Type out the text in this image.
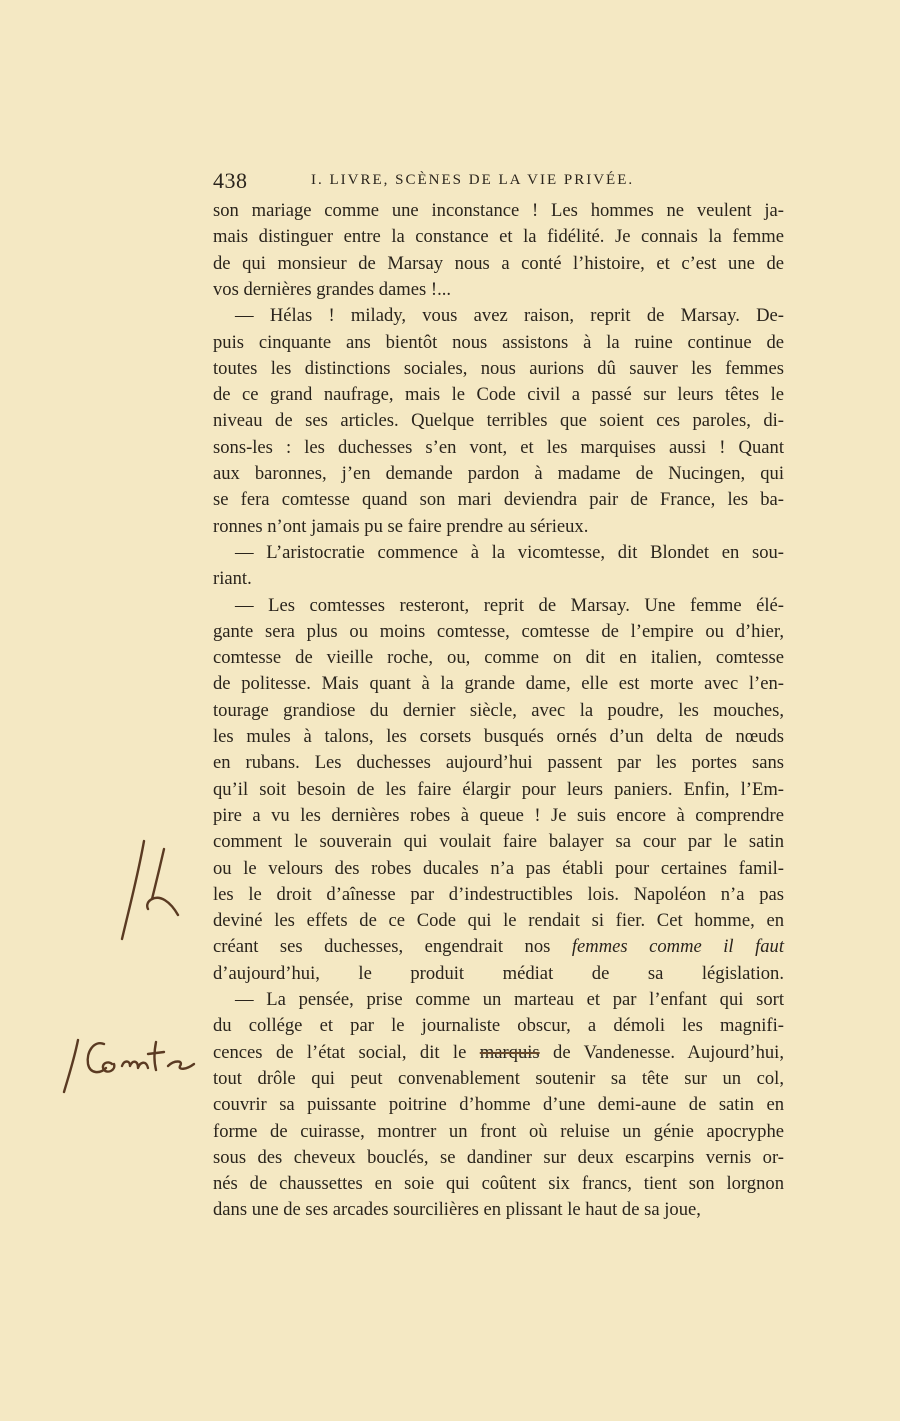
438	I. LIVRE, SCÈNES DE LA VIE PRIVÉE.
son mariage comme une inconstance ! Les hommes ne veulent ja-
mais distinguer entre la constance et la fidélité. Je connais la femme
de qui monsieur de Marsay nous a conté l’histoire, et c’est une de
vos dernières grandes dames !...
— Hélas ! milady, vous avez raison, reprit de Marsay. De-
puis cinquante ans bientôt nous assistons à la ruine continue de
toutes les distinctions sociales, nous aurions dû sauver les femmes
de ce grand naufrage, mais le Code civil a passé sur leurs têtes le
niveau de ses articles. Quelque terribles que soient ces paroles, di-
sons-les : les duchesses s’en vont, et les marquises aussi ! Quant
aux baronnes, j’en demande pardon à madame de Nucingen, qui
se fera comtesse quand son mari deviendra pair de France, les ba-
ronnes n’ont jamais pu se faire prendre au sérieux.
— L’aristocratie commence à la vicomtesse, dit Blondet en sou-
riant.
— Les comtesses resteront, reprit de Marsay. Une femme élé-
gante sera plus ou moins comtesse, comtesse de l’empire ou d’hier,
comtesse de vieille roche, ou, comme on dit en italien, comtesse
de politesse. Mais quant à la grande dame, elle est morte avec l’en-
tourage grandiose du dernier siècle, avec la poudre, les mouches,
les mules à talons, les corsets busqués ornés d’un delta de nœuds
en rubans. Les duchesses aujourd’hui passent par les portes sans
qu’il soit besoin de les faire élargir pour leurs paniers. Enfin, l’Em-
pire a vu les dernières robes à queue ! Je suis encore à comprendre
comment le souverain qui voulait faire balayer sa cour par le satin
ou le velours des robes ducales n’a pas établi pour certaines famil-
les le droit d’aînesse par d’indestructibles lois. Napoléon n’a pas
deviné les effets de ce Code qui le rendait si fier. Cet homme, en
créant ses duchesses, engendrait nos femmes comme il faut
d’aujourd’hui, le produit médiat de sa législation.
— La pensée, prise comme un marteau et par l’enfant qui sort
du collége et par le journaliste obscur, a démoli les magnifi-
cences de l’état social, dit le marquis de Vandenesse. Aujourd’hui,
tout drôle qui peut convenablement soutenir sa tête sur un col,
couvrir sa puissante poitrine d’homme d’une demi-aune de satin en
forme de cuirasse, montrer un front où reluise un génie apocryphe
sous des cheveux bouclés, se dandiner sur deux escarpins vernis or-
nés de chaussettes en soie qui coûtent six francs, tient son lorgnon
dans une de ses arcades sourcilières en plissant le haut de sa joue,
